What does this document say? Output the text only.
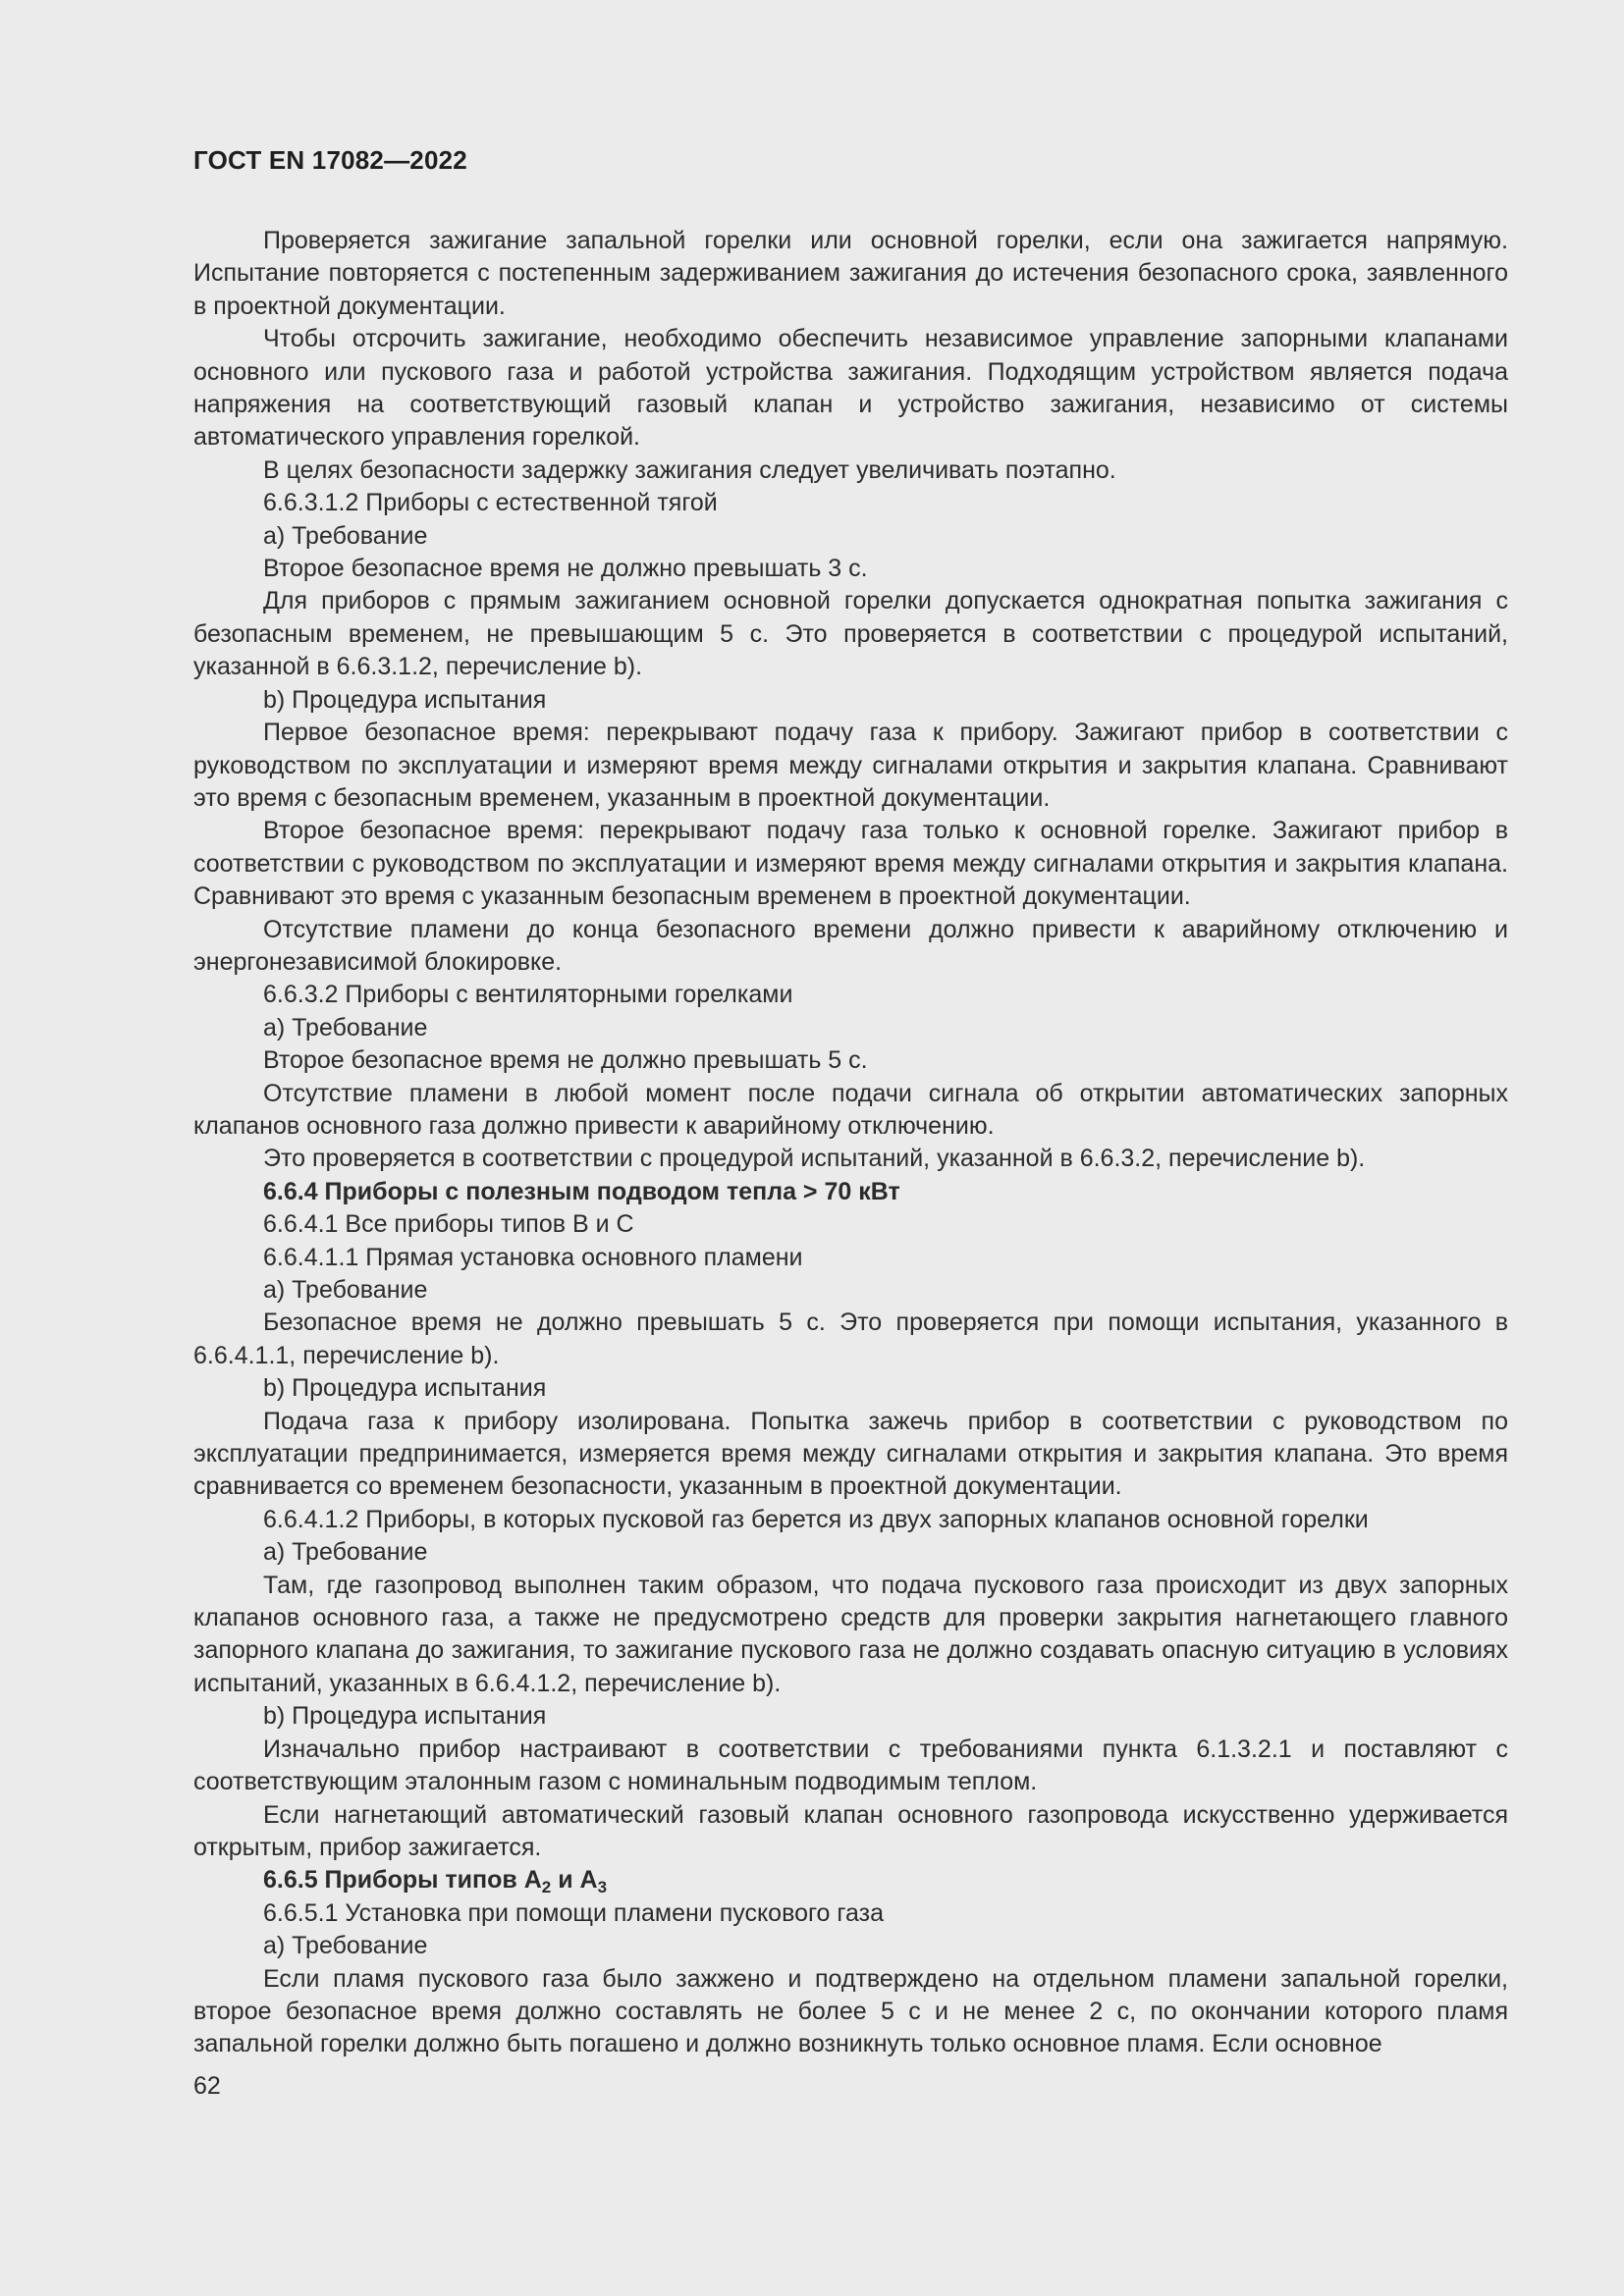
ГОСТ EN 17082—2022

Проверяется зажигание запальной горелки или основной горелки, если она зажигается напрямую. Испытание повторяется с постепенным задерживанием зажигания до истечения безопасного срока, заявленного в проектной документации.

Чтобы отсрочить зажигание, необходимо обеспечить независимое управление запорными клапанами основного или пускового газа и работой устройства зажигания. Подходящим устройством является подача напряжения на соответствующий газовый клапан и устройство зажигания, независимо от системы автоматического управления горелкой.

В целях безопасности задержку зажигания следует увеличивать поэтапно.

6.6.3.1.2 Приборы с естественной тягой

a) Требование

Второе безопасное время не должно превышать 3 с.

Для приборов с прямым зажиганием основной горелки допускается однократная попытка зажигания с безопасным временем, не превышающим 5 с. Это проверяется в соответствии с процедурой испытаний, указанной в 6.6.3.1.2, перечисление b).

b) Процедура испытания

Первое безопасное время: перекрывают подачу газа к прибору. Зажигают прибор в соответствии с руководством по эксплуатации и измеряют время между сигналами открытия и закрытия клапана. Сравнивают это время с безопасным временем, указанным в проектной документации.

Второе безопасное время: перекрывают подачу газа только к основной горелке. Зажигают прибор в соответствии с руководством по эксплуатации и измеряют время между сигналами открытия и закрытия клапана. Сравнивают это время с указанным безопасным временем в проектной документации.

Отсутствие пламени до конца безопасного времени должно привести к аварийному отключению и энергонезависимой блокировке.

6.6.3.2 Приборы с вентиляторными горелками

a) Требование

Второе безопасное время не должно превышать 5 с.

Отсутствие пламени в любой момент после подачи сигнала об открытии автоматических запорных клапанов основного газа должно привести к аварийному отключению.

Это проверяется в соответствии с процедурой испытаний, указанной в 6.6.3.2, перечисление b).

6.6.4 Приборы с полезным подводом тепла > 70 кВт

6.6.4.1 Все приборы типов B и C

6.6.4.1.1 Прямая установка основного пламени

a) Требование

Безопасное время не должно превышать 5 с. Это проверяется при помощи испытания, указанного в 6.6.4.1.1, перечисление b).

b) Процедура испытания

Подача газа к прибору изолирована. Попытка зажечь прибор в соответствии с руководством по эксплуатации предпринимается, измеряется время между сигналами открытия и закрытия клапана. Это время сравнивается со временем безопасности, указанным в проектной документации.

6.6.4.1.2 Приборы, в которых пусковой газ берется из двух запорных клапанов основной горелки

a) Требование

Там, где газопровод выполнен таким образом, что подача пускового газа происходит из двух запорных клапанов основного газа, а также не предусмотрено средств для проверки закрытия нагнетающего главного запорного клапана до зажигания, то зажигание пускового газа не должно создавать опасную ситуацию в условиях испытаний, указанных в 6.6.4.1.2, перечисление b).

b) Процедура испытания

Изначально прибор настраивают в соответствии с требованиями пункта 6.1.3.2.1 и поставляют с соответствующим эталонным газом с номинальным подводимым теплом.

Если нагнетающий автоматический газовый клапан основного газопровода искусственно удерживается открытым, прибор зажигается.

6.6.5 Приборы типов $A_2$ и $A_3$

6.6.5.1 Установка при помощи пламени пускового газа

a) Требование

Если пламя пускового газа было зажжено и подтверждено на отдельном пламени запальной горелки, второе безопасное время должно составлять не более 5 с и не менее 2 с, по окончании которого пламя запальной горелки должно быть погашено и должно возникнуть только основное пламя. Если основное

62
